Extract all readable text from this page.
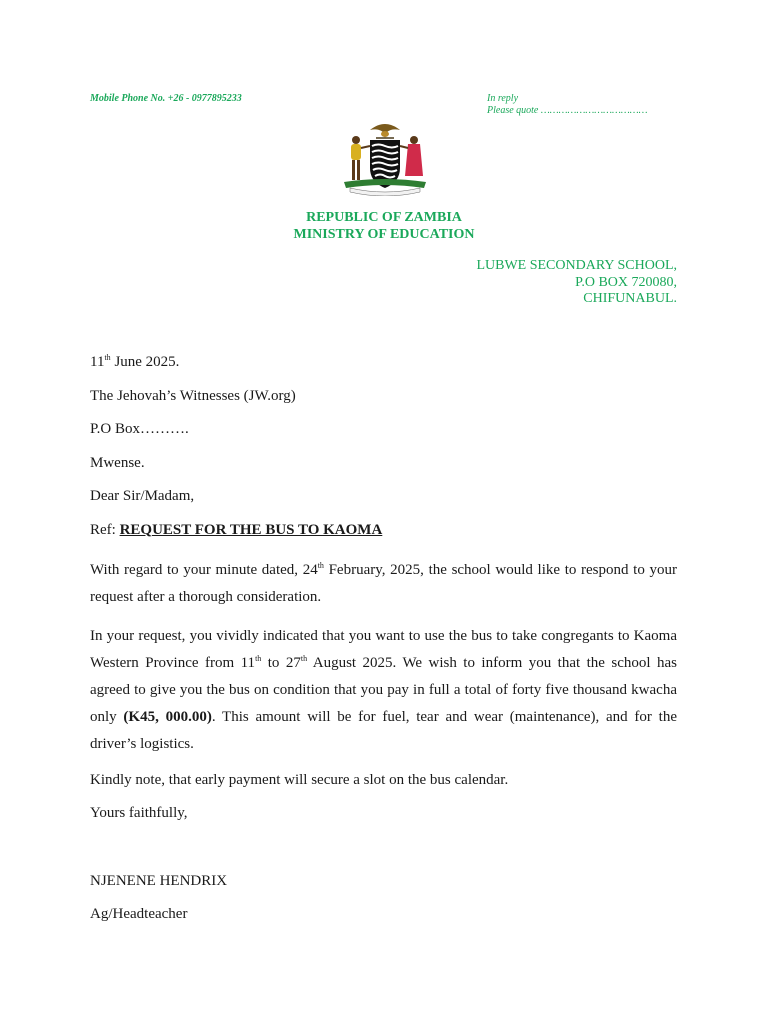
Mobile Phone No. +26 - 0977895233	In reply
Please quote ………………………………
REPUBLIC OF ZAMBIA
MINISTRY OF EDUCATION
LUBWE SECONDARY SCHOOL,
P.O BOX 720080,
CHIFUNABUL.

11th June 2025.

The Jehovah’s Witnesses (JW.org)

P.O Box……….

Mwense.

Dear Sir/Madam,

Ref: REQUEST FOR THE BUS TO KAOMA

With regard to your minute dated, 24th February, 2025, the school would like to respond to your request after a thorough consideration.

In your request, you vividly indicated that you want to use the bus to take congregants to Kaoma Western Province from 11th to 27th August 2025. We wish to inform you that the school has agreed to give you the bus on condition that you pay in full a total of forty five thousand kwacha only (K45, 000.00). This amount will be for fuel, tear and wear (maintenance), and for the driver’s logistics.

Kindly note, that early payment will secure a slot on the bus calendar.

Yours faithfully,

NJENENE HENDRIX

Ag/Headteacher
